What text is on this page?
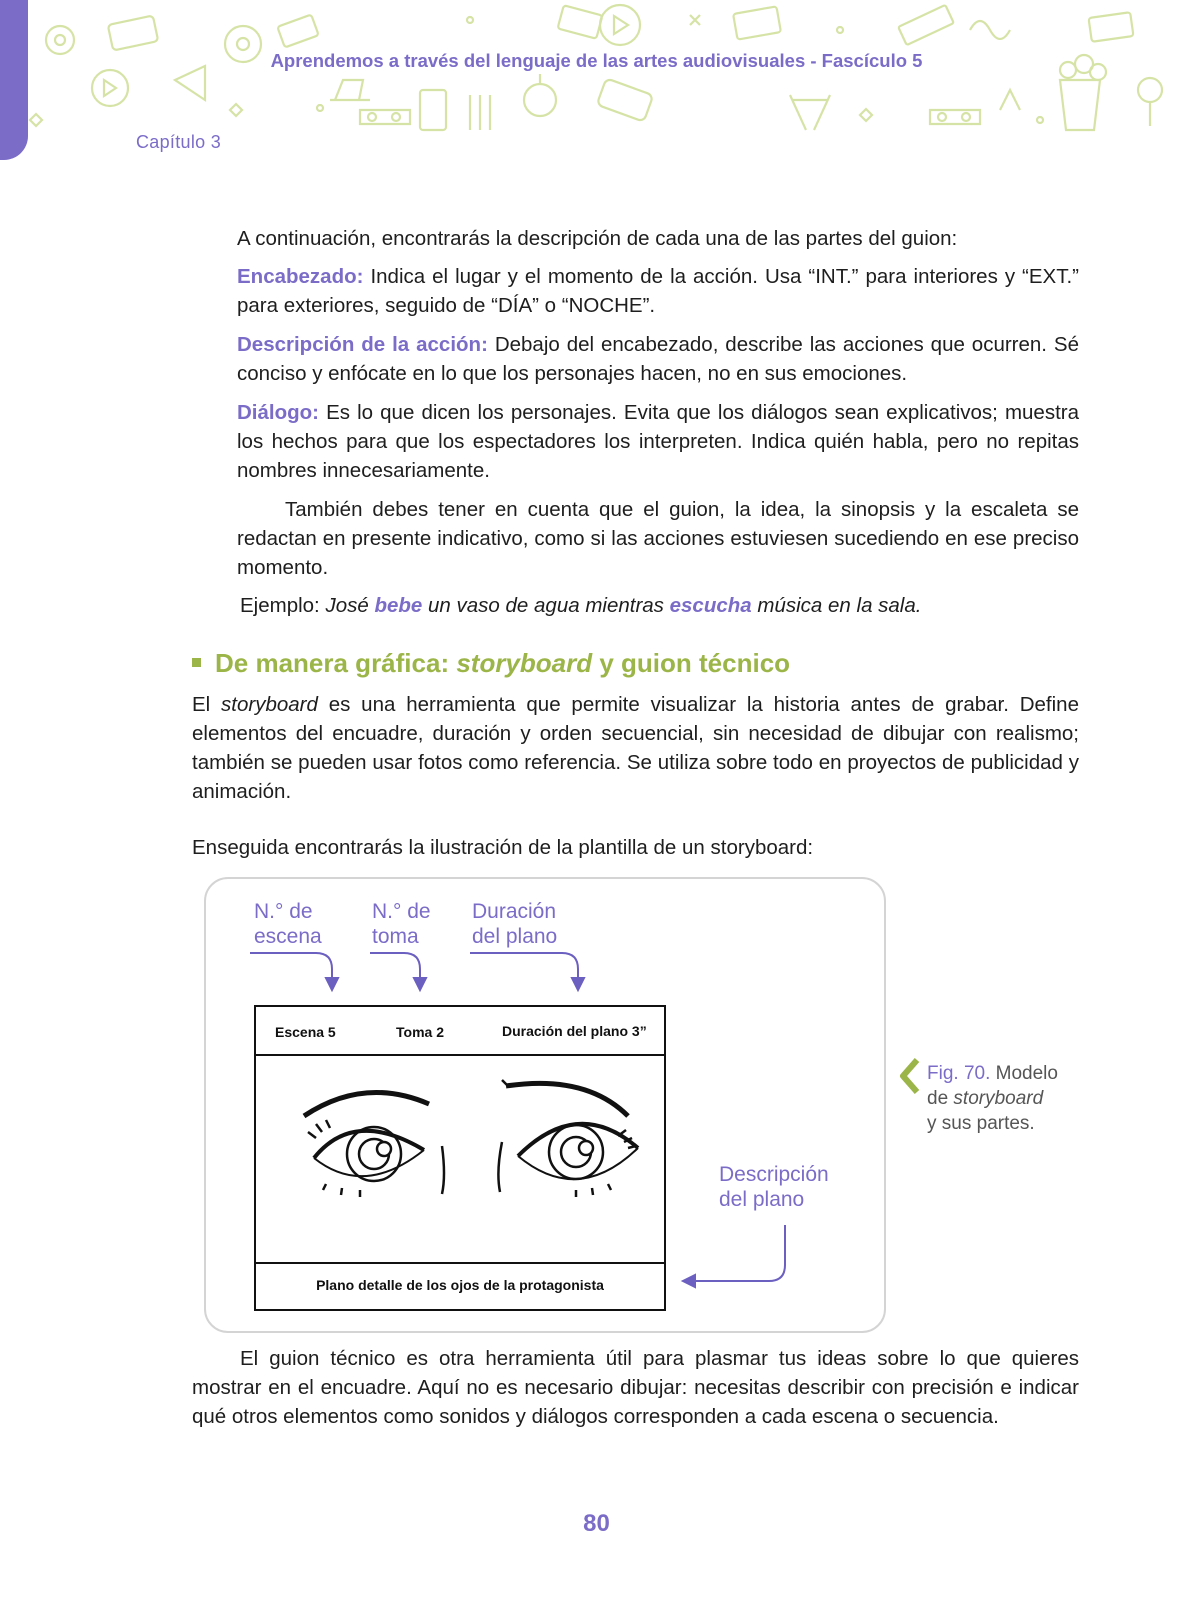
Aprendemos a través del lenguaje de las artes audiovisuales - Fascículo 5
Capítulo 3
A continuación, encontrarás la descripción de cada una de las partes del guion:
Encabezado: Indica el lugar y el momento de la acción. Usa “INT.” para interiores y “EXT.” para exteriores, seguido de “DÍA” o “NOCHE”.
Descripción de la acción: Debajo del encabezado, describe las acciones que ocurren. Sé conciso y enfócate en lo que los personajes hacen, no en sus emociones.
Diálogo: Es lo que dicen los personajes. Evita que los diálogos sean explicativos; muestra los hechos para que los espectadores los interpreten. Indica quién habla, pero no repitas nombres innecesariamente.
También debes tener en cuenta que el guion, la idea, la sinopsis y la escaleta se redactan en presente indicativo, como si las acciones estuviesen sucediendo en ese preciso momento.
Ejemplo: José bebe un vaso de agua mientras escucha música en la sala.
De manera gráfica: storyboard y guion técnico
El storyboard es una herramienta que permite visualizar la historia antes de grabar. Define elementos del encuadre, duración y orden secuencial, sin necesidad de dibujar con realismo; también se pueden usar fotos como referencia. Se utiliza sobre todo en proyectos de publicidad y animación.
Enseguida encontrarás la ilustración de la plantilla de un storyboard:
N.° de
escena
N.° de
toma
Duración
del plano
Descripción
del plano
Escena 5	Toma 2	Duración del plano 3”
Plano detalle de los ojos de la protagonista
Fig. 70. Modelo
de storyboard
y sus partes.
El guion técnico es otra herramienta útil para plasmar tus ideas sobre lo que quieres mostrar en el encuadre. Aquí no es necesario dibujar: necesitas describir con precisión e indicar qué otros elementos como sonidos y diálogos corresponden a cada escena o secuencia.
80
